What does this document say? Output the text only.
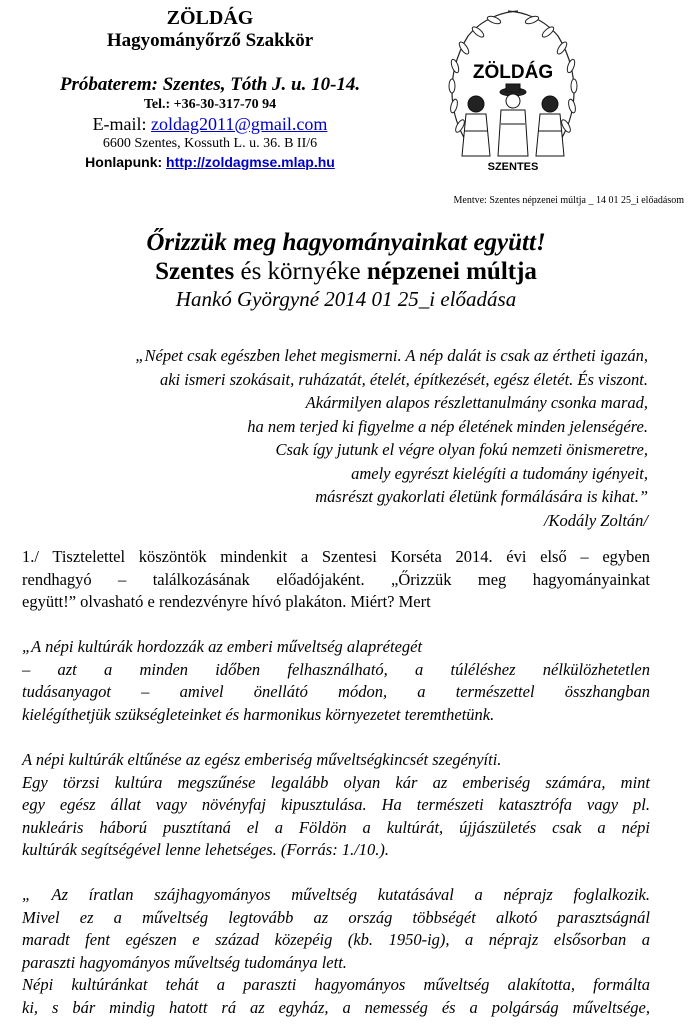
ZÖLDÁG
Hagyományőrző Szakkör
Próbaterem: Szentes, Tóth J. u. 10-14.
Tel.: +36-30-317-70 94
E-mail: zoldag2011@gmail.com
6600 Szentes, Kossuth L. u. 36. B II/6
Honlapunk: http://zoldagmse.mlap.hu
ZÖLDÁG
SZENTES
Mentve: Szentes népzenei múltja _ 14 01 25_i előadásom
Őrizzük meg hagyományainkat együtt!
Szentes és környéke népzenei múltja
Hankó Györgyné 2014 01 25_i előadása
„Népet csak egészben lehet megismerni. A nép dalát is csak az értheti igazán,
aki ismeri szokásait, ruházatát, ételét, építkezését, egész életét. És viszont.
Akármilyen alapos részlettanulmány csonka marad,
ha nem terjed ki figyelme a nép életének minden jelenségére.
Csak így jutunk el végre olyan fokú nemzeti önismeretre,
amely egyrészt kielégíti a tudomány igényeit,
másrészt gyakorlati életünk formálására is kihat.”
/Kodály Zoltán/
1./ Tisztelettel köszöntök mindenkit a Szentesi Korséta 2014. évi első – egyben
rendhagyó – találkozásának előadójaként. „Őrizzük meg hagyományainkat
együtt!” olvasható e rendezvényre hívó plakáton. Miért? Mert
„A népi kultúrák hordozzák az emberi műveltség alaprétegét
– azt a minden időben felhasználható, a túléléshez nélkülözhetetlen
tudásanyagot – amivel önellátó módon, a természettel összhangban
kielégíthetjük szükségleteinket és harmonikus környezetet teremthetünk.
A népi kultúrák eltűnése az egész emberiség műveltségkincsét szegényíti.
Egy törzsi kultúra megszűnése legalább olyan kár az emberiség számára, mint
egy egész állat vagy növényfaj kipusztulása. Ha természeti katasztrófa vagy pl.
nukleáris háború pusztítaná el a Földön a kultúrát, újjászületés csak a népi
kultúrák segítségével lenne lehetséges. (Forrás: 1./10.).
„ Az íratlan szájhagyományos műveltség kutatásával a néprajz foglalkozik.
Mivel ez a műveltség legtovább az ország többségét alkotó parasztságnál
maradt fent egészen e század közepéig (kb. 1950-ig), a néprajz elsősorban a
paraszti hagyományos műveltség tudománya lett.
Népi kultúránkat tehát a paraszti hagyományos műveltség alakította, formálta
ki, s bár mindig hatott rá az egyház, a nemesség és a polgárság műveltsége,
